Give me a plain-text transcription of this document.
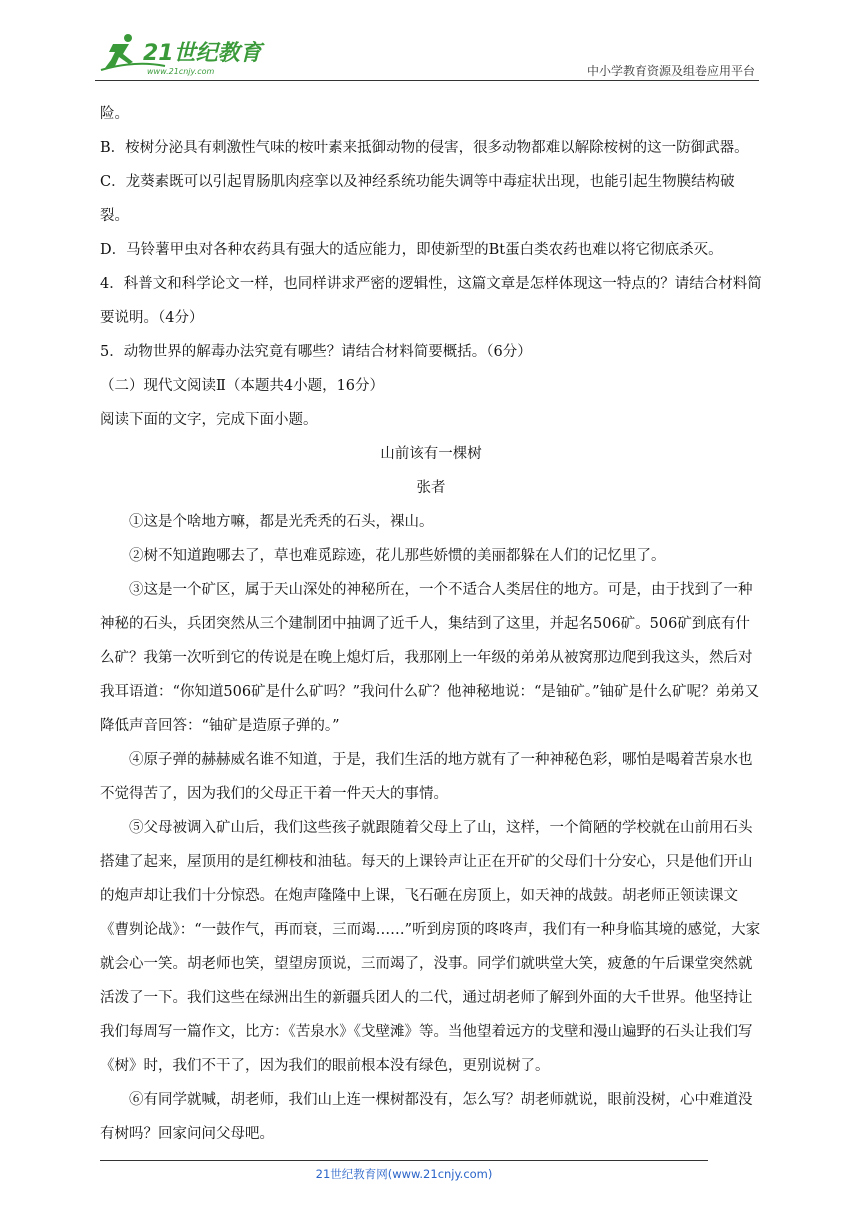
21世纪教育
www.21cnjy.com	中小学教育资源及组卷应用平台

险。

B．桉树分泌具有刺激性气味的桉叶素来抵御动物的侵害，很多动物都难以解除桉树的这一防御武器。

C．龙葵素既可以引起胃肠肌肉痉挛以及神经系统功能失调等中毒症状出现，也能引起生物膜结构破裂。

D．马铃薯甲虫对各种农药具有强大的适应能力，即使新型的Bt蛋白类农药也难以将它彻底杀灭。

4．科普文和科学论文一样，也同样讲求严密的逻辑性，这篇文章是怎样体现这一特点的？请结合材料简要说明。（4分）

5．动物世界的解毒办法究竟有哪些？请结合材料简要概括。（6分）

（二）现代文阅读Ⅱ（本题共4小题，16分）

阅读下面的文字，完成下面小题。

山前该有一棵树

张者

①这是个啥地方嘛，都是光秃秃的石头，裸山。

②树不知道跑哪去了，草也难觅踪迹，花儿那些娇惯的美丽都躲在人们的记忆里了。

③这是一个矿区，属于天山深处的神秘所在，一个不适合人类居住的地方。可是，由于找到了一种神秘的石头，兵团突然从三个建制团中抽调了近千人，集结到了这里，并起名506矿。506矿到底有什么矿？我第一次听到它的传说是在晚上熄灯后，我那刚上一年级的弟弟从被窝那边爬到我这头，然后对我耳语道：“你知道506矿是什么矿吗？”我问什么矿？他神秘地说：“是铀矿。”铀矿是什么矿呢？弟弟又降低声音回答：“铀矿是造原子弹的。”

④原子弹的赫赫威名谁不知道，于是，我们生活的地方就有了一种神秘色彩，哪怕是喝着苦泉水也不觉得苦了，因为我们的父母正干着一件天大的事情。

⑤父母被调入矿山后，我们这些孩子就跟随着父母上了山，这样，一个简陋的学校就在山前用石头搭建了起来，屋顶用的是红柳枝和油毡。每天的上课铃声让正在开矿的父母们十分安心，只是他们开山的炮声却让我们十分惊恐。在炮声隆隆中上课，飞石砸在房顶上，如天神的战鼓。胡老师正领读课文《曹刿论战》：“一鼓作气，再而衰，三而竭……”听到房顶的咚咚声，我们有一种身临其境的感觉，大家就会心一笑。胡老师也笑，望望房顶说，三而竭了，没事。同学们就哄堂大笑，疲惫的午后课堂突然就活泼了一下。我们这些在绿洲出生的新疆兵团人的二代，通过胡老师了解到外面的大千世界。他坚持让我们每周写一篇作文，比方：《苦泉水》《戈壁滩》等。当他望着远方的戈壁和漫山遍野的石头让我们写《树》时，我们不干了，因为我们的眼前根本没有绿色，更别说树了。

⑥有同学就喊，胡老师，我们山上连一棵树都没有，怎么写？胡老师就说，眼前没树，心中难道没有树吗？回家问问父母吧。

21世纪教育网(www.21cnjy.com)
